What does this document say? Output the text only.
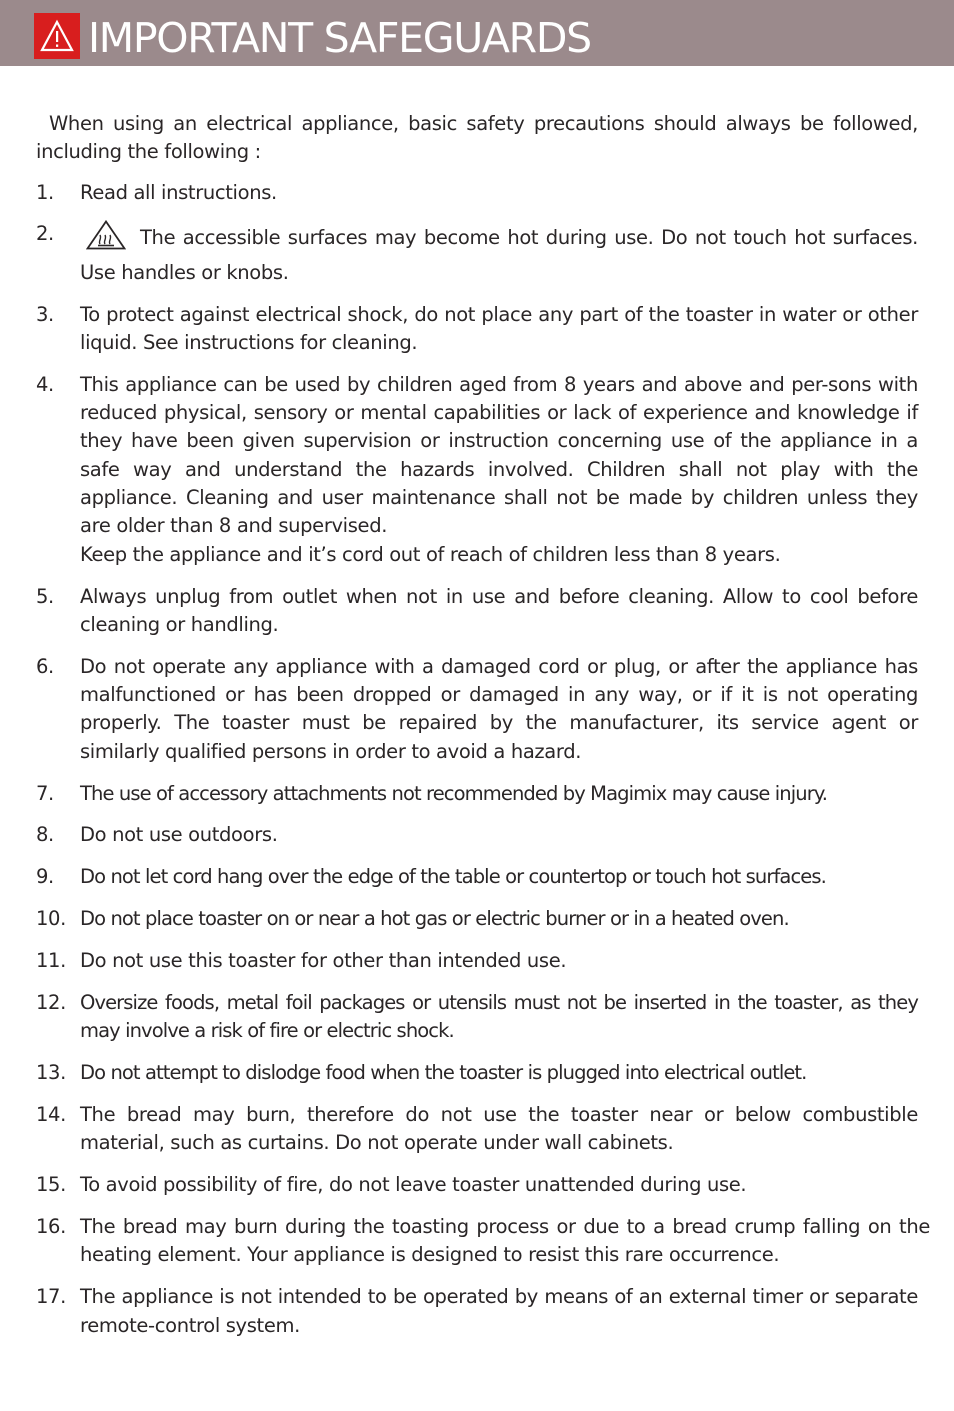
IMPORTANT SAFEGUARDS

When using an electrical appliance, basic safety precautions should always be followed, including the following :

1. Read all instructions.
2.	The accessible surfaces may become hot during use. Do not touch hot surfaces. Use handles or knobs.
3. To protect against electrical shock, do not place any part of the toaster in water or other liquid. See instructions for cleaning.
4. This appliance can be used by children aged from 8 years and above and per-sons with reduced physical, sensory or mental capabilities or lack of experience and knowledge if they have been given supervision or instruction concerning use of the appliance in a safe way and understand the hazards involved. Children shall not play with the appliance. Cleaning and user maintenance shall not be made by children unless they are older than 8 and supervised.
Keep the appliance and it’s cord out of reach of children less than 8 years.
5. Always unplug from outlet when not in use and before cleaning. Allow to cool before cleaning or handling.
6. Do not operate any appliance with a damaged cord or plug, or after the appliance has malfunctioned or has been dropped or damaged in any way, or if it is not operating properly. The toaster must be repaired by the manufacturer, its service agent or similarly qualified persons in order to avoid a hazard.
7. The use of accessory attachments not recommended by Magimix may cause injury.
8. Do not use outdoors.
9. Do not let cord hang over the edge of the table or countertop or touch hot surfaces.
10. Do not place toaster on or near a hot gas or electric burner or in a heated oven.
11. Do not use this toaster for other than intended use.
12. Oversize foods, metal foil packages or utensils must not be inserted in the toaster, as they may involve a risk of fire or electric shock.
13. Do not attempt to dislodge food when the toaster is plugged into electrical outlet.
14. The bread may burn, therefore do not use the toaster near or below combustible material, such as curtains. Do not operate under wall cabinets.
15. To avoid possibility of fire, do not leave toaster unattended during use.
16. The bread may burn during the toasting process or due to a bread crump falling on the heating element. Your appliance is designed to resist this rare occurrence.
17. The appliance is not intended to be operated by means of an external timer or separate remote-control system.
